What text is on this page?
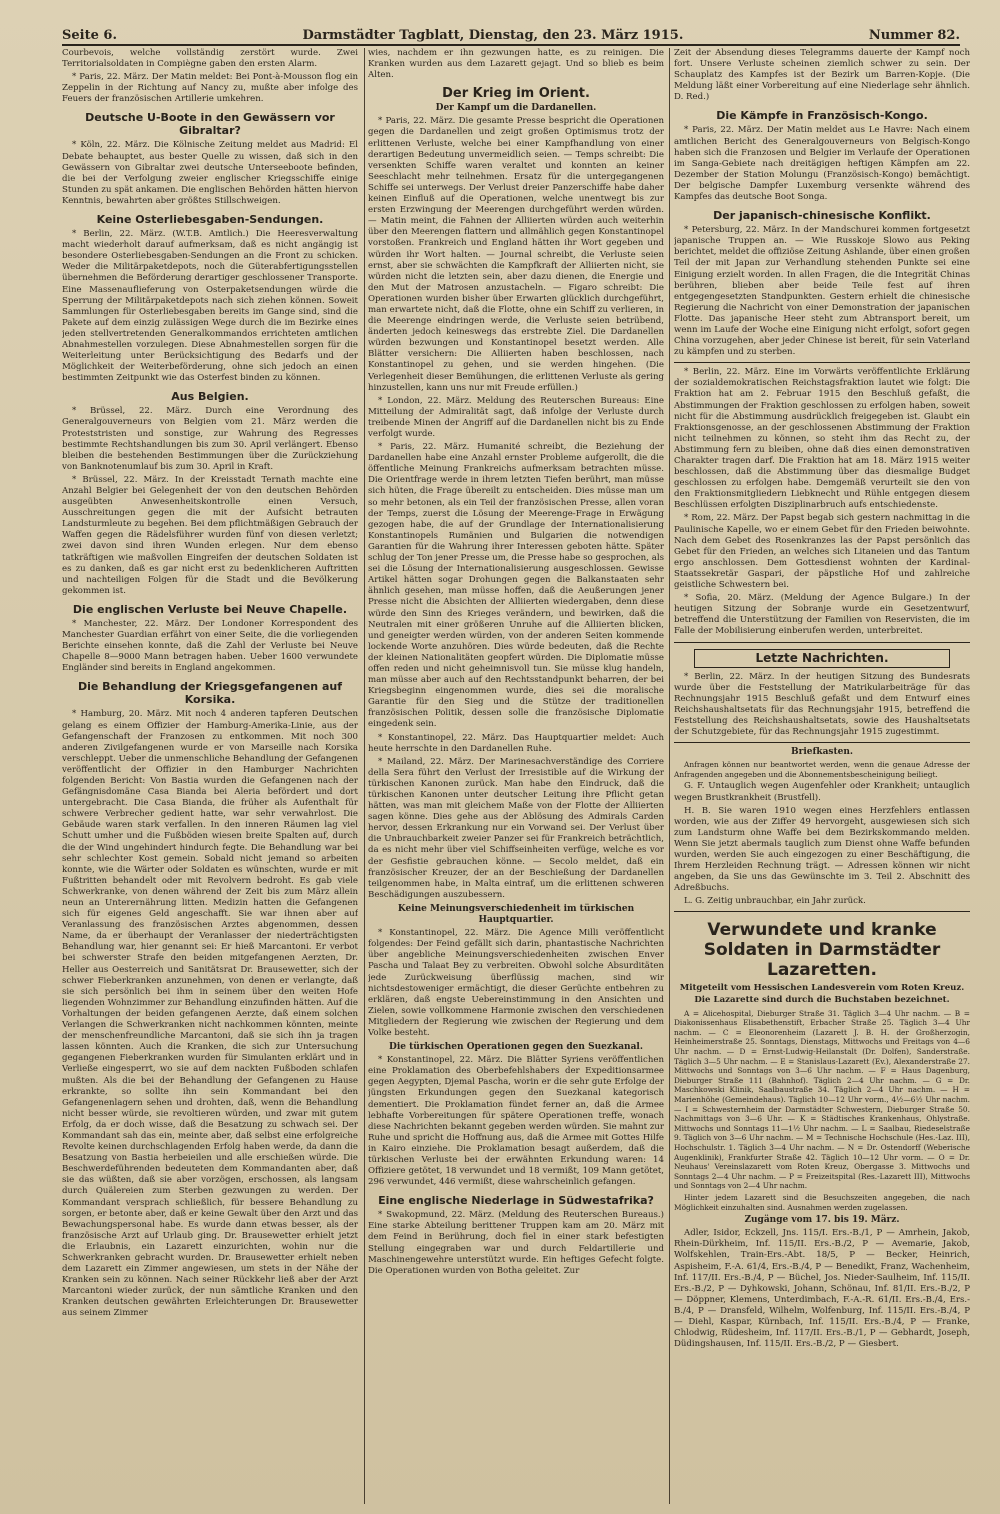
Seite 6.	Darmstädter Tagblatt, Dienstag, den 23. März 1915.	Nummer 82.

Courbevois, welche vollständig zerstört wurde. Zwei Territorialsoldaten in Compiègne gaben den ersten Alarm.

* Paris, 22. März. Der Matin meldet: Bei Pont-à-Mousson flog ein Zeppelin in der Richtung auf Nancy zu, mußte aber infolge des Feuers der französischen Artillerie umkehren.

Deutsche U-Boote in den Gewässern vor Gibraltar?

* Köln, 22. März. Die Kölnische Zeitung meldet aus Madrid: El Debate behauptet, aus bester Quelle zu wissen, daß sich in den Gewässern von Gibraltar zwei deutsche Unterseeboote befinden, die bei der Verfolgung zweier englischer Kriegsschiffe einige Stunden zu spät ankamen. Die englischen Behörden hätten hiervon Kenntnis, bewahrten aber größtes Stillschweigen.

Keine Osterliebesgaben-Sendungen.

* Berlin, 22. März. (W.T.B. Amtlich.) Die Heeresverwaltung macht wiederholt darauf aufmerksam, daß es nicht angängig ist besondere Osterliebesgaben-Sendungen an die Front zu schicken. Weder die Militärpaketdepots, noch die Güterabfertigungsstellen übernehmen die Beförderung derartiger geschlossener Transporte. Eine Massenauflieferung von Osterpaketsendungen würde die Sperrung der Militärpaketdepots nach sich ziehen können. Soweit Sammlungen für Osterliebesgaben bereits im Gange sind, sind die Pakete auf dem einzig zulässigen Wege durch die im Bezirke eines jeden stellvertretenden Generalkommandos errichteten amtlichen Abnahmestellen vorzulegen. Diese Abnahmestellen sorgen für die Weiterleitung unter Berücksichtigung des Bedarfs und der Möglichkeit der Weiterbeförderung, ohne sich jedoch an einen bestimmten Zeitpunkt wie das Osterfest binden zu können.

Aus Belgien.

* Brüssel, 22. März. Durch eine Verordnung des Generalgouverneurs von Belgien vom 21. März werden die Proteststristen und sonstige, zur Wahrung des Regresses bestimmte Rechtshandlungen bis zum 30. April verlängert. Ebenso bleiben die bestehenden Bestimmungen über die Zurückziehung von Banknotenumlauf bis zum 30. April in Kraft.

* Brüssel, 22. März. In der Kreisstadt Ternath machte eine Anzahl Belgier bei Gelegenheit der von den deutschen Behörden ausgeübten Anwesenheitskontrolle einen Versuch, Ausschreitungen gegen die mit der Aufsicht betrauten Landsturmleute zu begehen. Bei dem pflichtmäßigen Gebrauch der Waffen gegen die Rädelsführer wurden fünf von diesen verletzt; zwei davon sind ihren Wunden erlegen. Nur dem ebenso tatkräftigen wie maßvollen Eingreifen der deutschen Soldaten ist es zu danken, daß es gar nicht erst zu bedenklicheren Auftritten und nachteiligen Folgen für die Stadt und die Bevölkerung gekommen ist.

Die englischen Verluste bei Neuve Chapelle.

* Manchester, 22. März. Der Londoner Korrespondent des Manchester Guardian erfährt von einer Seite, die die vorliegenden Berichte einsehen konnte, daß die Zahl der Verluste bei Neuve Chapelle 8—9000 Mann betragen haben. Ueber 1600 verwundete Engländer sind bereits in England angekommen.

Die Behandlung der Kriegsgefangenen auf Korsika.

* Hamburg, 20. März. Mit noch 4 anderen tapferen Deutschen gelang es einem Offizier der Hamburg-Amerika-Linie, aus der Gefangenschaft der Franzosen zu entkommen. Mit noch 300 anderen Zivilgefangenen wurde er von Marseille nach Korsika verschleppt. Ueber die unmenschliche Behandlung der Gefangenen veröffentlicht der Offizier in den Hamburger Nachrichten folgenden Bericht: Von Bastia wurden die Gefangenen nach der Gefängnisdomäne Casa Bianda bei Aleria befördert und dort untergebracht. Die Casa Bianda, die früher als Aufenthalt für schwere Verbrecher gedient hatte, war sehr verwahrlost. Die Gebäude waren stark verfallen. In den inneren Räumen lag viel Schutt umher und die Fußböden wiesen breite Spalten auf, durch die der Wind ungehindert hindurch fegte. Die Behandlung war bei sehr schlechter Kost gemein. Sobald nicht jemand so arbeiten konnte, wie die Wärter oder Soldaten es wünschten, wurde er mit Fußtritten behandelt oder mit Revolvern bedroht. Es gab viele Schwerkranke, von denen während der Zeit bis zum März allein neun an Unterernährung litten. Medizin hatten die Gefangenen sich für eigenes Geld angeschafft. Sie war ihnen aber auf Veranlassung des französischen Arztes abgenommen, dessen Name, da er überhaupt der Veranlasser der niederträchtigsten Behandlung war, hier genannt sei: Er hieß Marcantoni. Er verbot bei schwerster Strafe den beiden mitgefangenen Aerzten, Dr. Heller aus Oesterreich und Sanitätsrat Dr. Brausewetter, sich der schwer Fieberkranken anzunehmen, von denen er verlangte, daß sie sich persönlich bei ihm in seinem über den weiten Hofe liegenden Wohnzimmer zur Behandlung einzufinden hätten. Auf die Vorhaltungen der beiden gefangenen Aerzte, daß einem solchen Verlangen die Schwerkranken nicht nachkommen könnten, meinte der menschenfreundliche Marcantoni, daß sie sich ihn ja tragen lassen könnten. Auch die Kranken, die sich zur Untersuchung gegangenen Fieberkranken wurden für Simulanten erklärt und in Verließe eingesperrt, wo sie auf dem nackten Fußboden schlafen mußten. Als die bei der Behandlung der Gefangenen zu Hause erkrankte, so sollte ihn sein Kommandant bei den Gefangenenlagern sehen und drohten, daß, wenn die Behandlung nicht besser würde, sie revoltieren würden, und zwar mit gutem Erfolg, da er doch wisse, daß die Besatzung zu schwach sei. Der Kommandant sah das ein, meinte aber, daß selbst eine erfolgreiche Revolte keinen durchschlagenden Erfolg haben werde, da dann die Besatzung von Bastia herbeieilen und alle erschießen würde. Die Beschwerdeführenden bedeuteten dem Kommandanten aber, daß sie das wüßten, daß sie aber vorzögen, erschossen, als langsam durch Quälereien zum Sterben gezwungen zu werden. Der Kommandant versprach schließlich, für bessere Behandlung zu sorgen, er betonte aber, daß er keine Gewalt über den Arzt und das Bewachungspersonal habe. Es wurde dann etwas besser, als der französische Arzt auf Urlaub ging. Dr. Brausewetter erhielt jetzt die Erlaubnis, ein Lazarett einzurichten, wohin nur die Schwerkranken gebracht wurden. Dr. Brausewetter erhielt neben dem Lazarett ein Zimmer angewiesen, um stets in der Nähe der Kranken sein zu können. Nach seiner Rückkehr ließ aber der Arzt Marcantoni wieder zurück, der nun sämtliche Kranken und den Kranken deutschen gewährten Erleichterungen Dr. Brausewetter aus seinem Zimmer

wies, nachdem er ihn gezwungen hatte, es zu reinigen. Die Kranken wurden aus dem Lazarett gejagt. Und so blieb es beim Alten.

Der Krieg im Orient.
Der Kampf um die Dardanellen.

* Paris, 22. März. Die gesamte Presse bespricht die Operationen gegen die Dardanellen und zeigt großen Optimismus trotz der erlittenen Verluste, welche bei einer Kampfhandlung von einer derartigen Bedeutung unvermeidlich seien. — Temps schreibt: Die versenkten Schiffe waren veraltet und konnten an keiner Seeschlacht mehr teilnehmen. Ersatz für die untergegangenen Schiffe sei unterwegs. Der Verlust dreier Panzerschiffe habe daher keinen Einfluß auf die Operationen, welche unentwegt bis zur ersten Erzwingung der Meerengen durchgeführt werden würden. — Matin meint, die Fahnen der Alliierten würden auch weiterhin über den Meerengen flattern und allmählich gegen Konstantinopel vorstoßen. Frankreich und England hätten ihr Wort gegeben und würden ihr Wort halten. — Journal schreibt, die Verluste seien ernst, aber sie schwächten die Kampfkraft der Alliierten nicht, sie würden nicht die letzten sein, aber dazu dienen, die Energie und den Mut der Matrosen anzustacheln. — Figaro schreibt: Die Operationen wurden bisher über Erwarten glücklich durchgeführt, man erwartete nicht, daß die Flotte, ohne ein Schiff zu verlieren, in die Meerenge eindringen werde, die Verluste seien betrübend, änderten jedoch keineswegs das erstrebte Ziel. Die Dardanellen würden bezwungen und Konstantinopel besetzt werden. Alle Blätter versichern: Die Alliierten haben beschlossen, nach Konstantinopel zu gehen, und sie werden hingehen. (Die Verlegenheit dieser Bemühungen, die erlittenen Verluste als gering hinzustellen, kann uns nur mit Freude erfüllen.)

* London, 22. März. Meldung des Reuterschen Bureaus: Eine Mitteilung der Admiralität sagt, daß infolge der Verluste durch treibende Minen der Angriff auf die Dardanellen nicht bis zu Ende verfolgt wurde.

* Paris, 22. März. Humanité schreibt, die Beziehung der Dardanellen habe eine Anzahl ernster Probleme aufgerollt, die die öffentliche Meinung Frankreichs aufmerksam betrachten müsse. Die Orientfrage werde in ihrem letzten Tiefen berührt, man müsse sich hüten, die Frage übereilt zu entscheiden. Dies müsse man um so mehr betonen, als ein Teil der französischen Presse, allen voran der Temps, zuerst die Lösung der Meerenge-Frage in Erwägung gezogen habe, die auf der Grundlage der Internationalisierung Konstantinopels Rumänien und Bulgarien die notwendigen Garantien für die Wahrung ihrer Interessen geboten hätte. Später schlug der Ton jener Presse um, die Presse habe so gesprochen, als sei die Lösung der Internationalisierung ausgeschlossen. Gewisse Artikel hätten sogar Drohungen gegen die Balkanstaaten sehr ähnlich gesehen, man müsse hoffen, daß die Aeußerungen jener Presse nicht die Absichten der Alliierten wiedergaben, denn diese würde den Sinn des Krieges verändern, und bewirken, daß die Neutralen mit einer größeren Unruhe auf die Alliierten blicken, und geneigter werden würden, von der anderen Seiten kommende lockende Worte anzuhören. Dies würde bedeuten, daß die Rechte der kleinen Nationalitäten geopfert würden. Die Diplomatie müsse offen reden und nicht geheimnisvoll tun. Sie müsse klug handeln, man müsse aber auch auf den Rechtsstandpunkt beharren, der bei Kriegsbeginn eingenommen wurde, dies sei die moralische Garantie für den Sieg und die Stütze der traditionellen französischen Politik, dessen solle die französische Diplomatie eingedenk sein.

* Konstantinopel, 22. März. Das Hauptquartier meldet: Auch heute herrschte in den Dardanellen Ruhe.

* Mailand, 22. März. Der Marinesachverständige des Corriere della Sera führt den Verlust der Irresistible auf die Wirkung der türkischen Kanonen zurück. Man habe den Eindruck, daß die türkischen Kanonen unter deutscher Leitung ihre Pflicht getan hätten, was man mit gleichem Maße von der Flotte der Alliierten sagen könne. Dies gehe aus der Ablösung des Admirals Carden hervor, dessen Erkrankung nur ein Vorwand sei. Der Verlust über die Unbrauchbarkeit zweier Panzer sei für Frankreich beträchtlich, da es nicht mehr über viel Schiffseinheiten verfüge, welche es vor der Gesfistie gebrauchen könne. — Secolo meldet, daß ein französischer Kreuzer, der an der Beschießung der Dardanellen teilgenommen habe, in Malta eintraf, um die erlittenen schweren Beschädigungen auszubessern.

Keine Meinungsverschiedenheit im türkischen Hauptquartier.

* Konstantinopel, 22. März. Die Agence Milli veröffentlicht folgendes: Der Feind gefällt sich darin, phantastische Nachrichten über angebliche Meinungsverschiedenheiten zwischen Enver Pascha und Talaat Bey zu verbreiten. Obwohl solche Absurditäten jede Zurückweisung überflüssig machen, sind wir nichtsdestoweniger ermächtigt, die dieser Gerüchte entbehren zu erklären, daß engste Uebereinstimmung in den Ansichten und Zielen, sowie vollkommene Harmonie zwischen den verschiedenen Mitgliedern der Regierung wie zwischen der Regierung und dem Volke besteht.

Die türkischen Operationen gegen den Suezkanal.

* Konstantinopel, 22. März. Die Blätter Syriens veröffentlichen eine Proklamation des Oberbefehlshabers der Expeditionsarmee gegen Aegypten, Djemal Pascha, worin er die sehr gute Erfolge der jüngsten Erkundungen gegen den Suezkanal kategorisch dementiert. Die Proklamation fündet ferner an, daß die Armee lebhafte Vorbereitungen für spätere Operationen treffe, wonach diese Nachrichten bekannt gegeben werden würden. Sie mahnt zur Ruhe und spricht die Hoffnung aus, daß die Armee mit Gottes Hilfe in Kairo einziehe. Die Proklamation besagt außerdem, daß die türkischen Verluste bei der erwähnten Erkundung waren: 14 Offiziere getötet, 18 verwundet und 18 vermißt, 109 Mann getötet, 296 verwundet, 446 vermißt, diese wahrscheinlich gefangen.

Eine englische Niederlage in Südwestafrika?

* Swakopmund, 22. März. (Meldung des Reuterschen Bureaus.) Eine starke Abteilung berittener Truppen kam am 20. März mit dem Feind in Berührung, doch fiel in einer stark befestigten Stellung eingegraben war und durch Feldartillerie und Maschinengewehre unterstützt wurde. Ein heftiges Gefecht folgte. Die Operationen wurden von Botha geleitet. Zur

Zeit der Absendung dieses Telegramms dauerte der Kampf noch fort. Unsere Verluste scheinen ziemlich schwer zu sein. Der Schauplatz des Kampfes ist der Bezirk um Barren-Kopje. (Die Meldung läßt einer Vorbereitung auf eine Niederlage sehr ähnlich. D. Red.)

Die Kämpfe in Französisch-Kongo.

* Paris, 22. März. Der Matin meldet aus Le Havre: Nach einem amtlichen Bericht des Generalgouverneurs von Belgisch-Kongo haben sich die Franzosen und Belgier im Verlaufe der Operationen im Sanga-Gebiete nach dreitägigen heftigen Kämpfen am 22. Dezember der Station Molungu (Französisch-Kongo) bemächtigt. Der belgische Dampfer Luxemburg versenkte während des Kampfes das deutsche Boot Songa.

Der japanisch-chinesische Konflikt.

* Petersburg, 22. März. In der Mandschurei kommen fortgesetzt japanische Truppen an. — Wie Russkoje Slowo aus Peking berichtet, meldet die offiziöse Zeitung Ashlande, über einen großen Teil der mit Japan zur Verhandlung stehenden Punkte sei eine Einigung erzielt worden. In allen Fragen, die die Integrität Chinas berühren, blieben aber beide Teile fest auf ihren entgegengesetzten Standpunkten. Gestern erhielt die chinesische Regierung die Nachricht von einer Demonstration der japanischen Flotte. Das japanische Heer steht zum Abtransport bereit, um wenn im Laufe der Woche eine Einigung nicht erfolgt, sofort gegen China vorzugehen, aber jeder Chinese ist bereit, für sein Vaterland zu kämpfen und zu sterben.

* Berlin, 22. März. Eine im Vorwärts veröffentlichte Erklärung der sozialdemokratischen Reichstagsfraktion lautet wie folgt: Die Fraktion hat am 2. Februar 1915 den Beschluß gefaßt, die Abstimmungen der Fraktion geschlossen zu erfolgen haben, soweit nicht für die Abstimmung ausdrücklich freigegeben ist. Glaubt ein Fraktionsgenosse, an der geschlossenen Abstimmung der Fraktion nicht teilnehmen zu können, so steht ihm das Recht zu, der Abstimmung fern zu bleiben, ohne daß dies einen demonstrativen Charakter tragen darf. Die Fraktion hat am 18. März 1915 weiter beschlossen, daß die Abstimmung über das diesmalige Budget geschlossen zu erfolgen habe. Demgemäß verurteilt sie den von den Fraktionsmitgliedern Liebknecht und Rühle entgegen diesem Beschlüssen erfolgten Disziplinarbruch aufs entschiedenste.

* Rom, 22. März. Der Papst begab sich gestern nachmittag in die Paulinische Kapelle, wo er einem Gebet für den Frieden beiwohnte. Nach dem Gebet des Rosenkranzes las der Papst persönlich das Gebet für den Frieden, an welches sich Litaneien und das Tantum ergo anschlossen. Dem Gottesdienst wohnten der Kardinal-Staatssekretär Gaspari, der päpstliche Hof und zahlreiche geistliche Schwestern bei.

* Sofia, 20. März. (Meldung der Agence Bulgare.) In der heutigen Sitzung der Sobranje wurde ein Gesetzentwurf, betreffend die Unterstützung der Familien von Reservisten, die im Falle der Mobilisierung einberufen werden, unterbreitet.

Letzte Nachrichten.

* Berlin, 22. März. In der heutigen Sitzung des Bundesrats wurde über die Feststellung der Matrikularbeiträge für das Rechnungsjahr 1915 Beschluß gefaßt und dem Entwurf eines Reichshaushaltsetats für das Rechnungsjahr 1915, betreffend die Feststellung des Reichshaushaltsetats, sowie des Haushaltsetats der Schutzgebiete, für das Rechnungsjahr 1915 zugestimmt.

Briefkasten.

Anfragen können nur beantwortet werden, wenn die genaue Adresse der Anfragenden angegeben und die Abonnementsbescheinigung beiliegt.

G. F. Untauglich wegen Augenfehler oder Krankheit; untauglich wegen Brustkrankheit (Brustfell).

H. B. Sie waren 1910 wegen eines Herzfehlers entlassen worden, wie aus der Ziffer 49 hervorgeht, ausgewiesen sich sich zum Landsturm ohne Waffe bei dem Bezirkskommando melden. Wenn Sie jetzt abermals tauglich zum Dienst ohne Waffe befunden wurden, werden Sie auch eingezogen zu einer Beschäftigung, die Ihrem Herzleiden Rechnung trägt. — Adressen können wir nicht angeben, da Sie uns das Gewünschte im 3. Teil 2. Abschnitt des Adreßbuchs.

L. G. Zeitig unbrauchbar, ein Jahr zurück.

Verwundete und kranke Soldaten in Darmstädter Lazaretten.
Mitgeteilt vom Hessischen Landesverein vom Roten Kreuz. Die Lazarette sind durch die Buchstaben bezeichnet.

A = Alicehospital, Dieburger Straße 31. Täglich 3—4 Uhr nachm. — B = Diakonissenhaus Elisabethenstift, Erbacher Straße 25. Täglich 3—4 Uhr nachm. — C = Eleonorenheim (Lazarett J. B. H. der Großherzogin, Heinheimerstraße 25. Sonntags, Dienstags, Mittwochs und Freitags von 4—6 Uhr nachm. — D = Ernst-Ludwig-Heilanstalt (Dr. Dolfen), Sanderstraße. Täglich 3—5 Uhr nachm. — E = Stanislaus-Lazarett (Ev.), Alexanderstraße 27. Mittwochs und Sonntags von 3—6 Uhr nachm. — F = Haus Dagenburg, Dieburger Straße 111 (Bahnhof). Täglich 2—4 Uhr nachm. — G = Dr. Maschkowski Klinik, Saalbaustraße 34. Täglich 2—4 Uhr nachm. — H = Marienhöhe (Gemeindehaus). Täglich 10—12 Uhr vorm., 4½—6½ Uhr nachm. — I = Schwesternheim der Darmstädter Schwestern, Dieburger Straße 50. Nachmittags von 3—6 Uhr. — K = Städtisches Krankenhaus, Ohlystraße. Mittwochs und Sonntags 11—1½ Uhr nachm. — L = Saalbau, Riedeselstraße 9. Täglich von 3—6 Uhr nachm. — M = Technische Hochschule (Hes.-Laz. III), Hochschulstr. 1. Täglich 3—4 Uhr nachm. — N = Dr. Ostendorff (Weberische Augenklinik), Frankfurter Straße 42. Täglich 10—12 Uhr vorm. — O = Dr. Neuhaus' Vereinslazarett vom Roten Kreuz, Obergasse 3. Mittwochs und Sonntags 2—4 Uhr nachm. — P = Freizeitspital (Res.-Lazarett III), Mittwochs und Sonntags von 2—4 Uhr nachm.

Hinter jedem Lazarett sind die Besuchszeiten angegeben, die nach Möglichkeit einzuhalten sind. Ausnahmen werden zugelassen.

Zugänge vom 17. bis 19. März.

Adler, Isidor, Eckzell, Jns. 115/I. Ers.-B./1, P — Amrhein, Jakob, Rhein-Dürkheim, Inf. 115/II. Ers.-B./2, P — Avemarie, Jakob, Wolfskehlen, Train-Ers.-Abt. 18/5, P — Becker, Heinrich, Aspisheim, F.-A. 61/4, Ers.-B./4, P — Benedikt, Franz, Wachenheim, Inf. 117/II. Ers.-B./4, P — Büchel, Jos. Nieder-Saulheim, Inf. 115/II. Ers.-B./2, P — Dyhkowski, Johann, Schönau, Inf. 81/II. Ers.-B./2, P — Döppner, Klemens, Unterdimbach, F.-A.-R. 61/II. Ers.-B./4, Ers.-B./4, P — Dransfeld, Wilhelm, Wolfenburg, Inf. 115/II. Ers.-B./4, P — Diehl, Kaspar, Kürnbach, Inf. 115/II. Ers.-B./4, P — Franke, Chlodwig, Rüdesheim, Inf. 117/II. Ers.-B./1, P — Gebhardt, Joseph, Düdingshausen, Inf. 115/II. Ers.-B./2, P — Giesbert.
